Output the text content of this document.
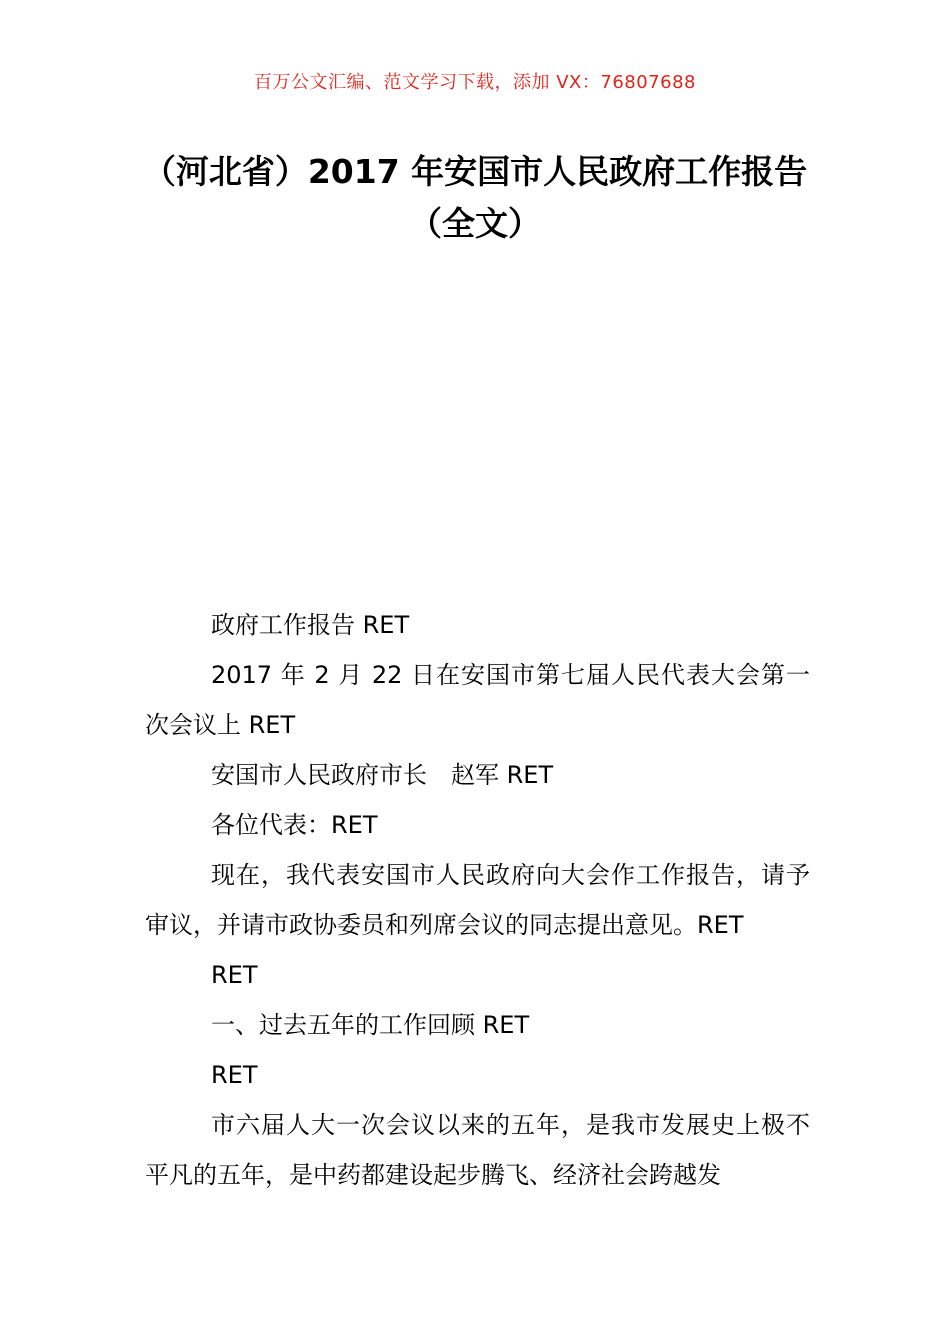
百万公文汇编、范文学习下载，添加 VX：76807688
（河北省）2017 年安国市人民政府工作报告（全文）

政府工作报告 RET

2017 年 2 月 22 日在安国市第七届人民代表大会第一次会议上 RET

安国市人民政府市长　赵军 RET

各位代表：RET

现在，我代表安国市人民政府向大会作工作报告，请予审议，并请市政协委员和列席会议的同志提出意见。RET

RET

一、过去五年的工作回顾 RET

RET

市六届人大一次会议以来的五年，是我市发展史上极不平凡的五年，是中药都建设起步腾飞、经济社会跨越发
